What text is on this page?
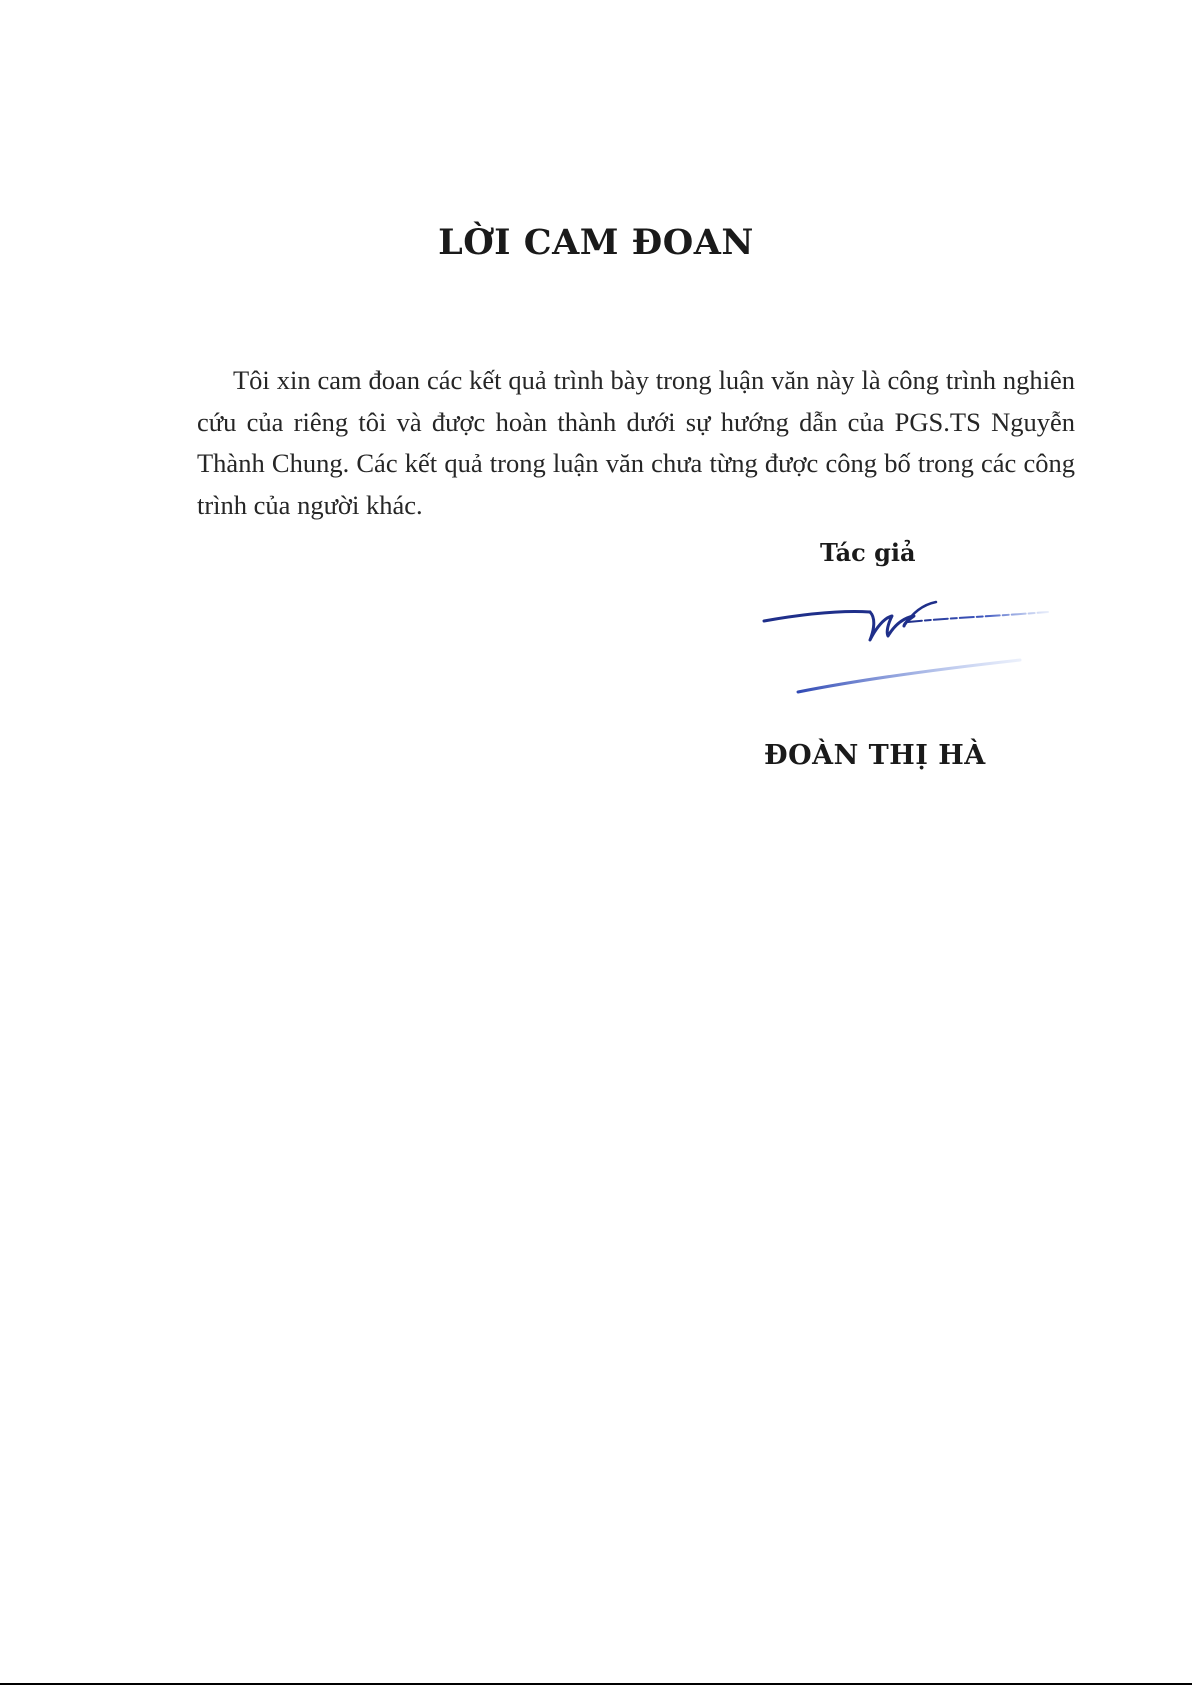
LỜI CAM ĐOAN

Tôi xin cam đoan các kết quả trình bày trong luận văn này là công trình nghiên cứu của riêng tôi và được hoàn thành dưới sự hướng dẫn của PGS.TS Nguyễn Thành Chung. Các kết quả trong luận văn chưa từng được công bố trong các công trình của người khác.

Tác giả
ĐOÀN THỊ HÀ
